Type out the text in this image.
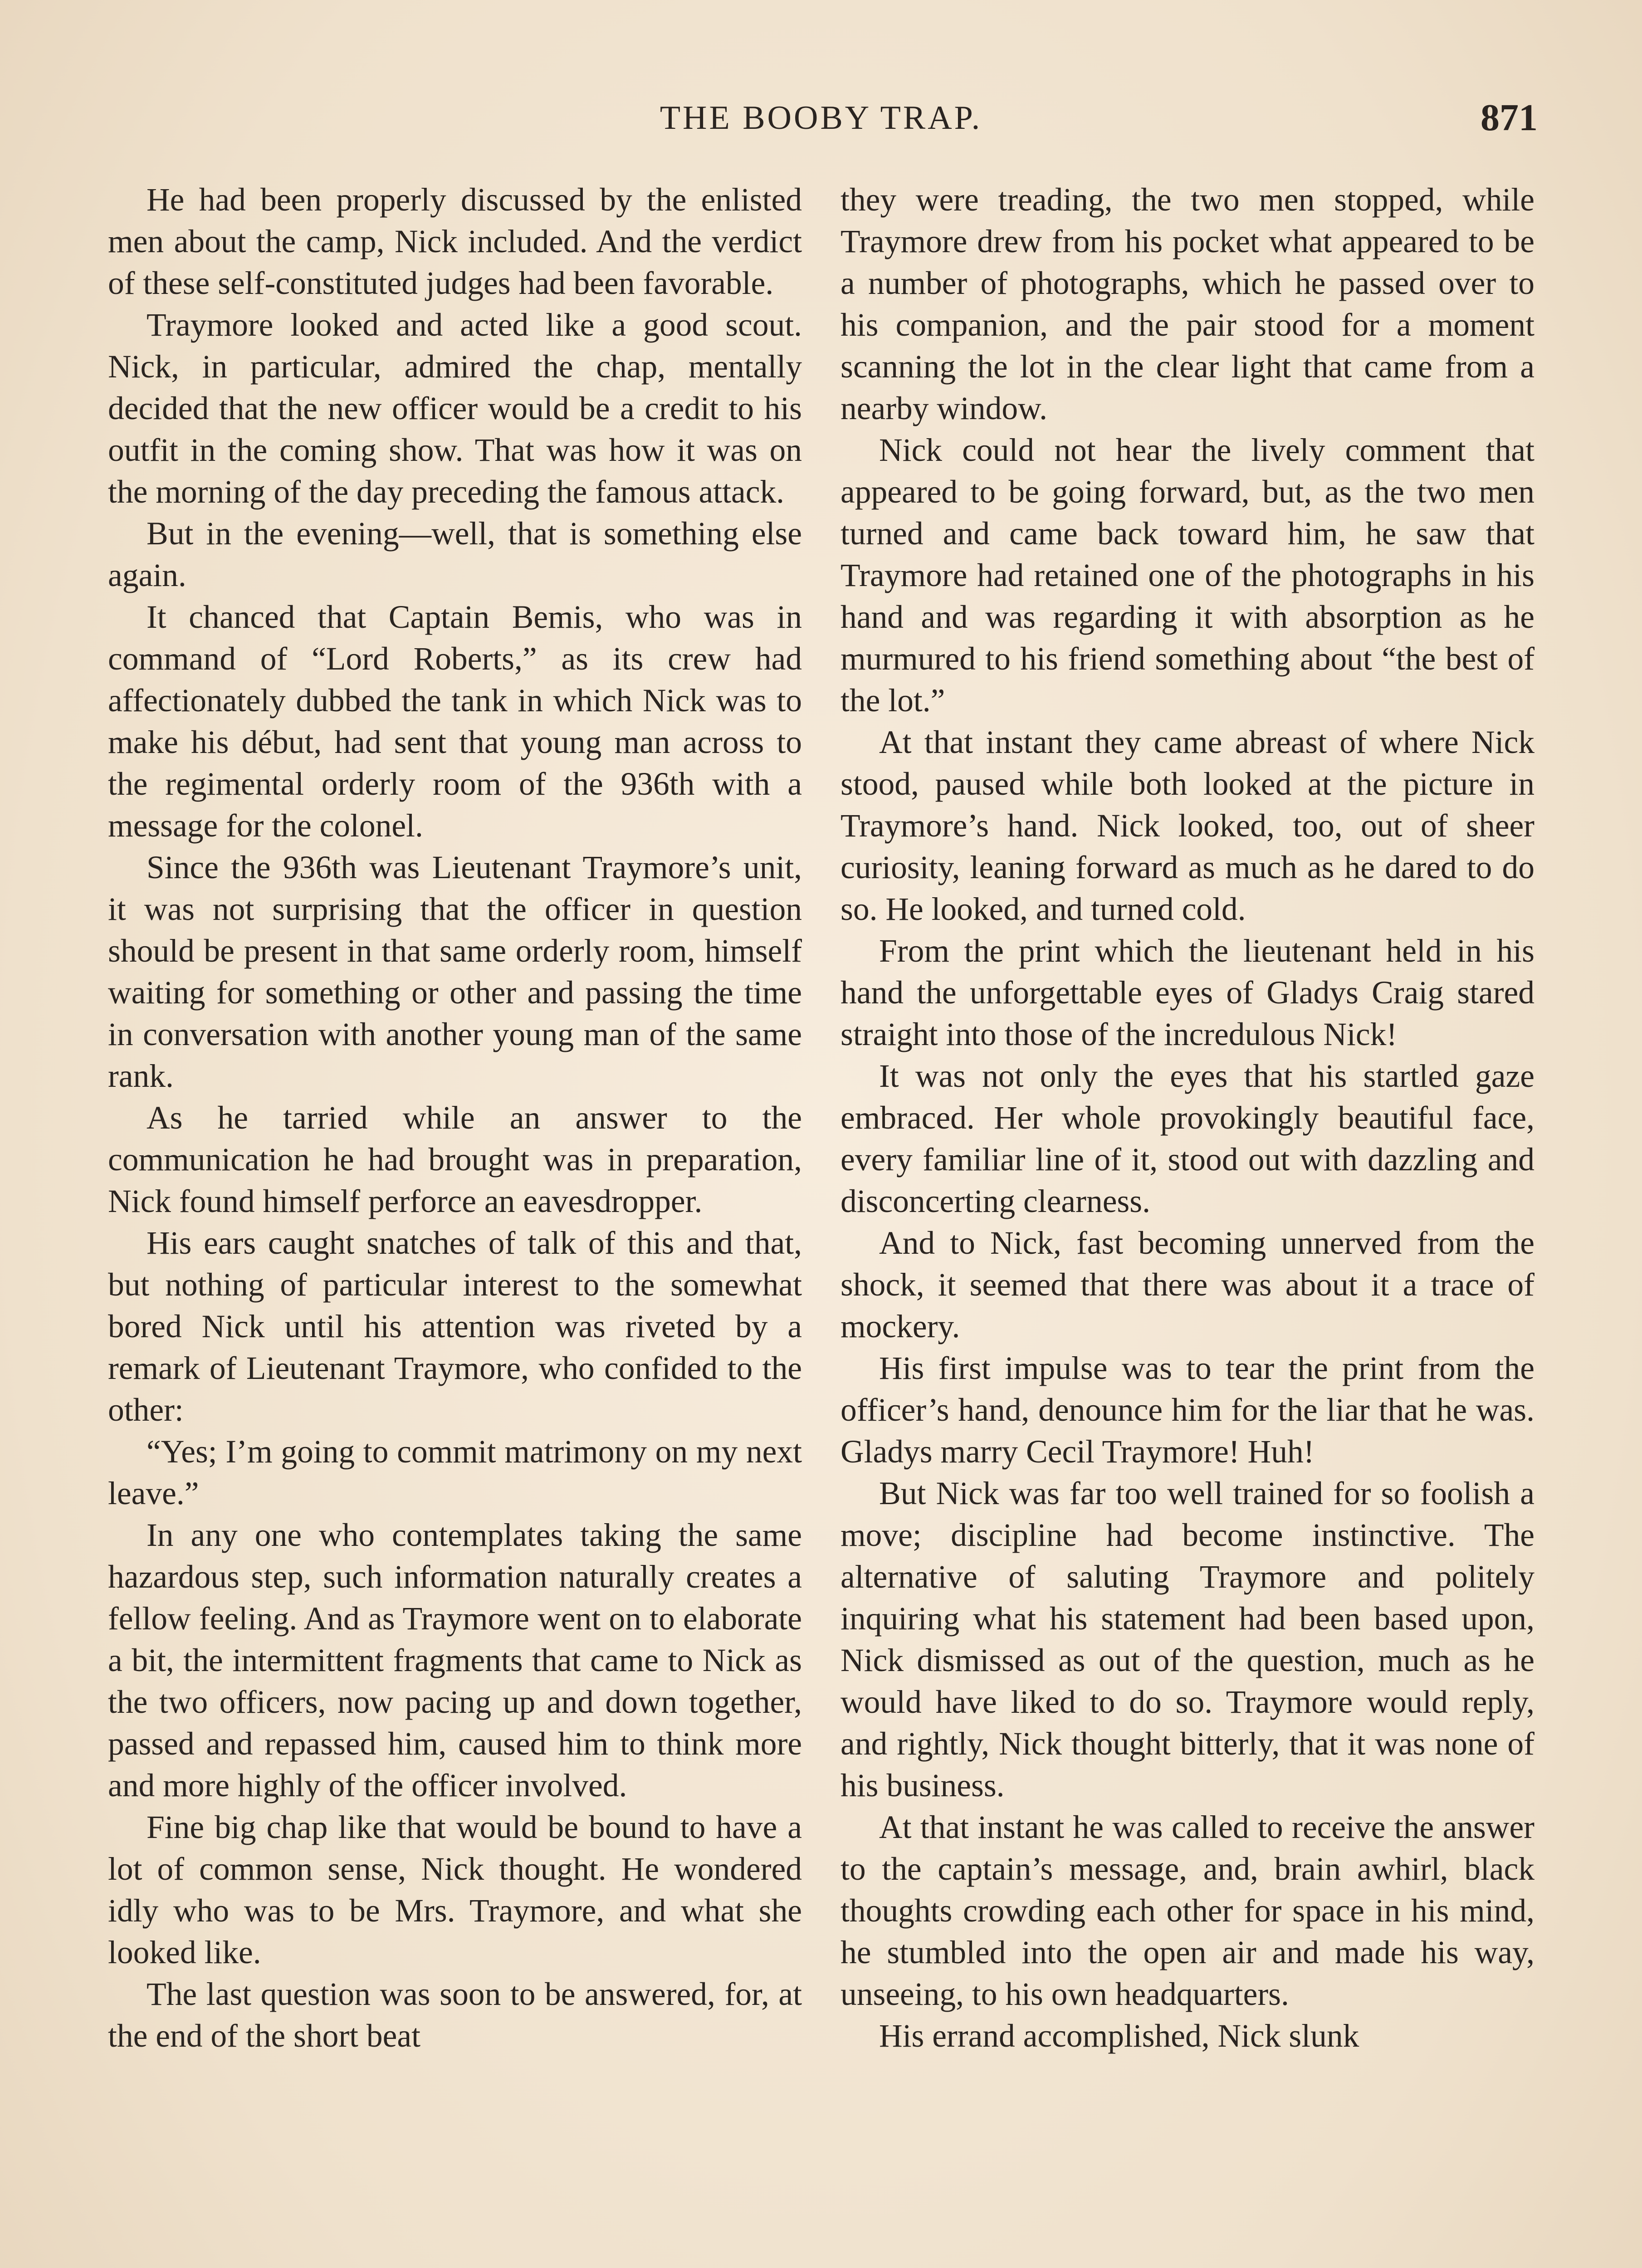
THE BOOBY TRAP.	871

He had been properly discussed by the enlisted men about the camp, Nick included. And the verdict of these self-constituted judges had been favorable.

Traymore looked and acted like a good scout. Nick, in particular, admired the chap, mentally decided that the new officer would be a credit to his outfit in the coming show. That was how it was on the morning of the day preceding the famous attack.

But in the evening—well, that is something else again.

It chanced that Captain Bemis, who was in command of “Lord Roberts,” as its crew had affectionately dubbed the tank in which Nick was to make his début, had sent that young man across to the regimental orderly room of the 936th with a message for the colonel.

Since the 936th was Lieutenant Traymore’s unit, it was not surprising that the officer in question should be present in that same orderly room, himself waiting for something or other and passing the time in conversation with another young man of the same rank.

As he tarried while an answer to the communication he had brought was in preparation, Nick found himself perforce an eavesdropper.

His ears caught snatches of talk of this and that, but nothing of particular interest to the somewhat bored Nick until his attention was riveted by a remark of Lieutenant Traymore, who confided to the other:

“Yes; I’m going to commit matrimony on my next leave.”

In any one who contemplates taking the same hazardous step, such information naturally creates a fellow feeling. And as Traymore went on to elaborate a bit, the intermittent fragments that came to Nick as the two officers, now pacing up and down together, passed and repassed him, caused him to think more and more highly of the officer involved.

Fine big chap like that would be bound to have a lot of common sense, Nick thought. He wondered idly who was to be Mrs. Traymore, and what she looked like.

The last question was soon to be answered, for, at the end of the short beat

they were treading, the two men stopped, while Traymore drew from his pocket what appeared to be a number of photographs, which he passed over to his companion, and the pair stood for a moment scanning the lot in the clear light that came from a nearby window.

Nick could not hear the lively comment that appeared to be going forward, but, as the two men turned and came back toward him, he saw that Traymore had retained one of the photographs in his hand and was regarding it with absorption as he murmured to his friend something about “the best of the lot.”

At that instant they came abreast of where Nick stood, paused while both looked at the picture in Traymore’s hand. Nick looked, too, out of sheer curiosity, leaning forward as much as he dared to do so. He looked, and turned cold.

From the print which the lieutenant held in his hand the unforgettable eyes of Gladys Craig stared straight into those of the incredulous Nick!

It was not only the eyes that his startled gaze embraced. Her whole provokingly beautiful face, every familiar line of it, stood out with dazzling and disconcerting clearness.

And to Nick, fast becoming unnerved from the shock, it seemed that there was about it a trace of mockery.

His first impulse was to tear the print from the officer’s hand, denounce him for the liar that he was. Gladys marry Cecil Traymore! Huh!

But Nick was far too well trained for so foolish a move; discipline had become instinctive. The alternative of saluting Traymore and politely inquiring what his statement had been based upon, Nick dismissed as out of the question, much as he would have liked to do so. Traymore would reply, and rightly, Nick thought bitterly, that it was none of his business.

At that instant he was called to receive the answer to the captain’s message, and, brain awhirl, black thoughts crowding each other for space in his mind, he stumbled into the open air and made his way, unseeing, to his own headquarters.

His errand accomplished, Nick slunk
